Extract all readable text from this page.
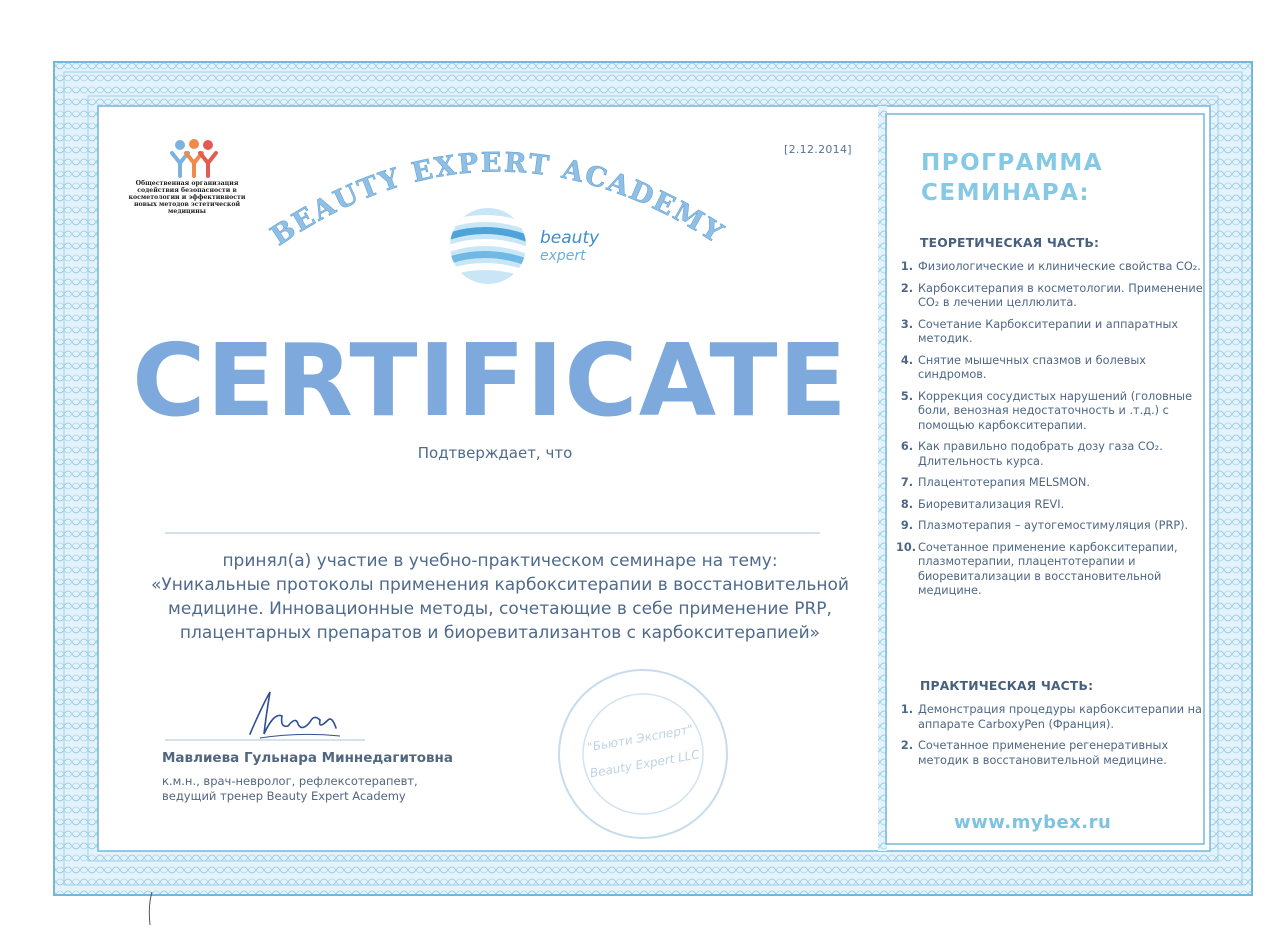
[2.12.2014]
Общественная организация содействия безопасности в косметологии и эффективности новых методов эстетической медицины
BEAUTY EXPERT ACADEMY
beauty
expert
CERTIFICATE
Подтверждает, что
принял(а) участие в учебно-практическом семинаре на тему:
«Уникальные протоколы применения карбокситерапии в восстановительной
медицине. Инновационные методы, сочетающие в себе применение PRP,
плацентарных препаратов и биоревитализантов с карбокситерапией»
Мавлиева Гульнара Миннедагитовна
к.м.н., врач-невролог, рефлексотерапевт,
ведущий тренер Beauty Expert Academy
"Бьюти Эксперт"
Beauty Expert LLC
ПРОГРАММА
СЕМИНАРА:
ТЕОРЕТИЧЕСКАЯ ЧАСТЬ:
1. Физиологические и клинические свойства CO₂.
2. Карбокситерапия в косметологии. Применение CO₂ в лечении целлюлита.
3. Сочетание Карбокситерапии и аппаратных методик.
4. Снятие мышечных спазмов и болевых синдромов.
5. Коррекция сосудистых нарушений (головные боли, венозная недостаточность и .т.д.) с помощью карбокситерапии.
6. Как правильно подобрать дозу газа CO₂. Длительность курса.
7. Плацентотерапия MELSMON.
8. Биоревитализация REVI.
9. Плазмотерапия – аутогемостимуляция (PRP).
10. Сочетанное применение карбокситерапии, плазмотерапии, плацентотерапии и биоревитализации в восстановительной медицине.
ПРАКТИЧЕСКАЯ ЧАСТЬ:
1. Демонстрация процедуры карбокситерапии на аппарате CarboxyPen (Франция).
2. Сочетанное применение регенеративных методик в восстановительной медицине.
www.mybex.ru
